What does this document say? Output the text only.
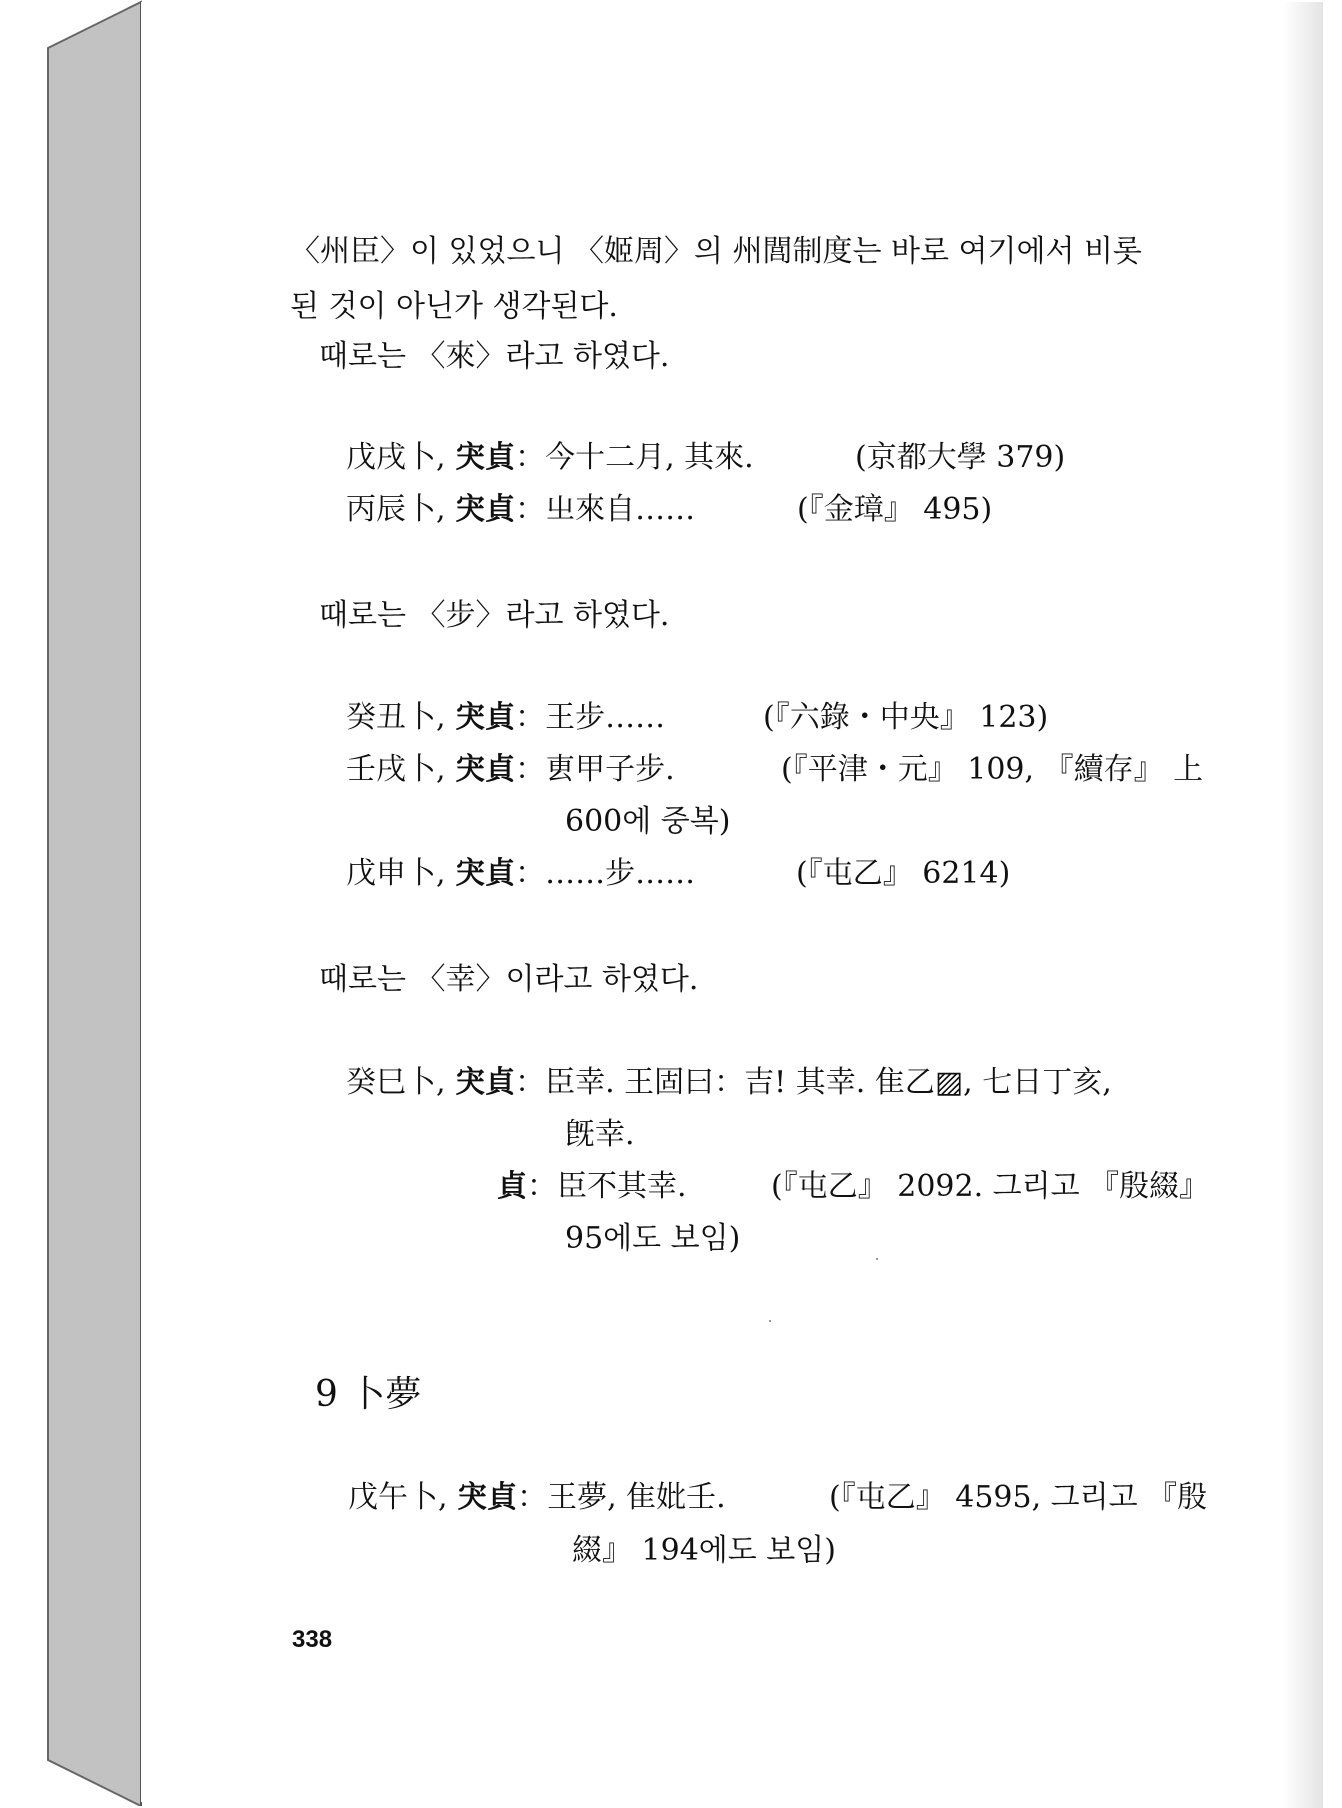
〈州臣〉이 있었으니 〈姬周〉의 州閭制度는 바로 여기에서 비롯
된 것이 아닌가 생각된다.
때로는 〈來〉라고 하였다.
戊戌卜, 宊貞：今十二月, 其來.	(京都大學 379)
丙辰卜, 宊貞：㞢來自……	(『金璋』 495)
때로는 〈步〉라고 하였다.
癸丑卜, 宊貞：王步……	(『六錄・中央』 123)
壬戌卜, 宊貞：叀甲子步.	(『平津・元』 109, 『續存』 上
600에 중복)
戊申卜, 宊貞：……步……	(『屯乙』 6214)
때로는 〈幸〉이라고 하였다.
癸巳卜, 宊貞：臣幸. 王固曰：吉! 其幸. 隹乙▨, 七日丁亥,
旣幸.
貞：臣不其幸.	(『屯乙』 2092. 그리고 『殷綴』
95에도 보임)
9 卜夢
戊午卜, 宊貞：王夢, 隹妣壬.	(『屯乙』 4595, 그리고 『殷
綴』 194에도 보임)
338
